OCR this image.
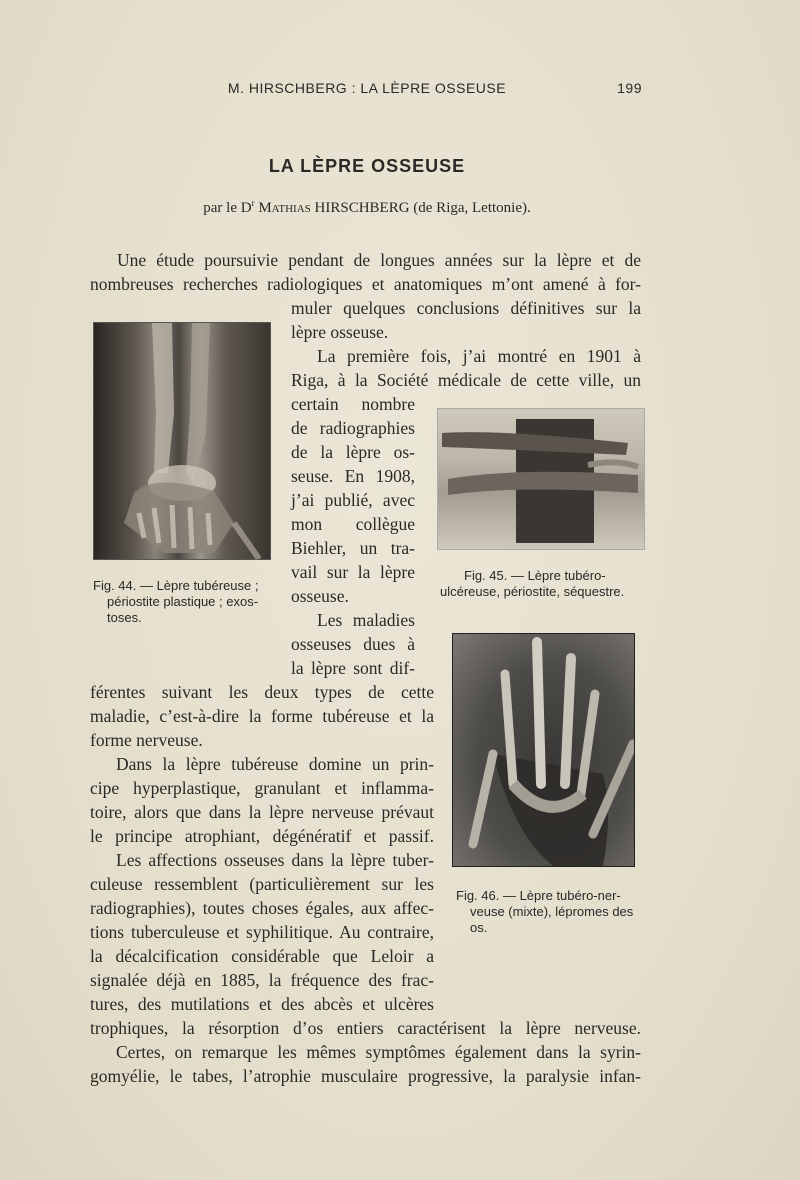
M. HIRSCHBERG : LA LÈPRE OSSEUSE	199
LA LÈPRE OSSEUSE
par le $D^r$ Mathias HIRSCHBERG (de Riga, Lettonie).
Une étude poursuivie pendant de longues années sur la lèpre et de
nombreuses recherches radiologiques et anatomiques m’ont amené à for-
muler quelques conclusions définitives sur la
lèpre osseuse.
La première fois, j’ai montré en 1901 à
Riga, à la Société médicale de cette ville, un
certain nombre
de radiographies
de la lèpre os-
seuse. En 1908,
j’ai publié, avec
mon collègue
Biehler, un tra-
vail sur la lèpre
osseuse.
Les maladies
osseuses dues à
la lèpre sont dif-
férentes suivant les deux types de cette
maladie, c’est-à-dire la forme tubéreuse et la
forme nerveuse.
Dans la lèpre tubéreuse domine un prin-
cipe hyperplastique, granulant et inflamma-
toire, alors que dans la lèpre nerveuse prévaut
le principe atrophiant, dégénératif et passif.
Les affections osseuses dans la lèpre tuber-
culeuse ressemblent (particulièrement sur les
radiographies), toutes choses égales, aux affec-
tions tuberculeuse et syphilitique. Au contraire,
la décalcification considérable que Leloir a
signalée déjà en 1885, la fréquence des frac-
tures, des mutilations et des abcès et ulcères
trophiques, la résorption d’os entiers caractérisent la lèpre nerveuse.
Certes, on remarque les mêmes symptômes également dans la syrin-
gomyélie, le tabes, l’atrophie musculaire progressive, la paralysie infan-
Fig. 44. — Lèpre tubéreuse ;
périostite plastique ; exos-
toses.
Fig. 45. — Lèpre tubéro-
ulcéreuse, périostite, séquestre.
Fig. 46. — Lèpre tubéro-ner-
veuse (mixte), lépromes des
os.
